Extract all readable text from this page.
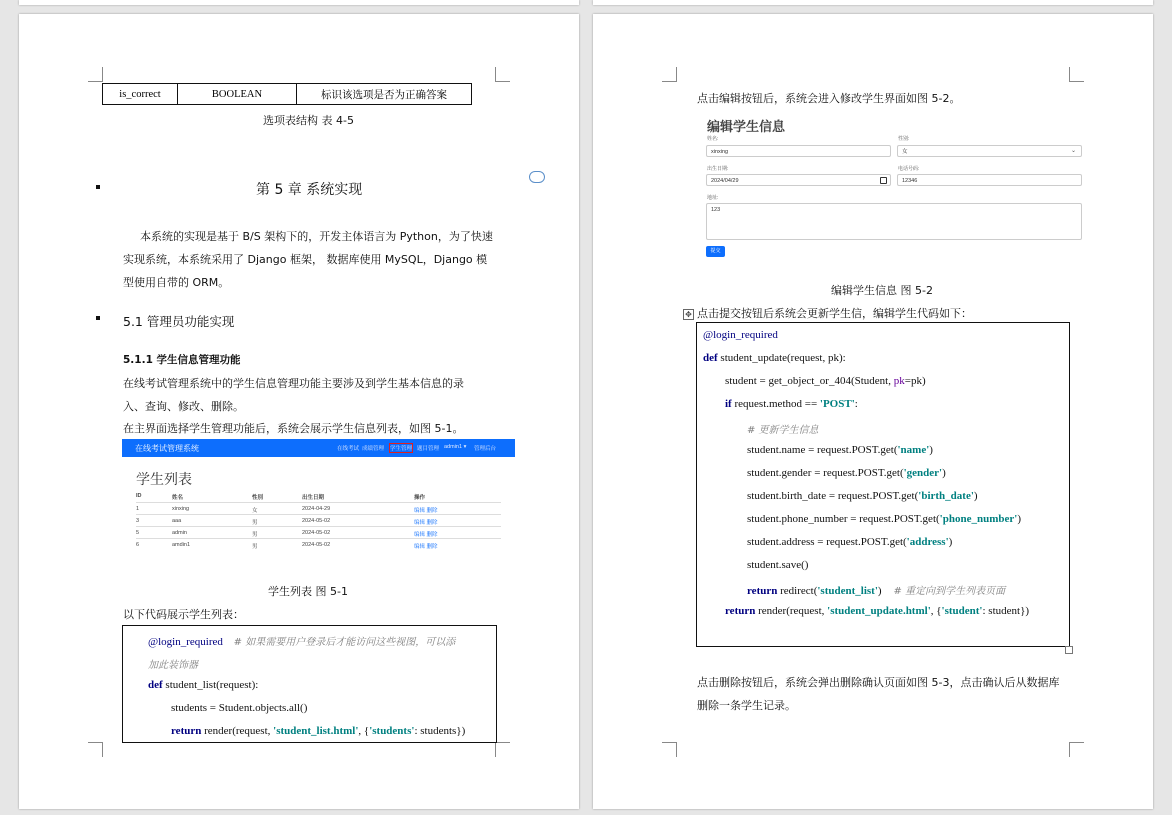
is_correct	BOOLEAN	标识该选项是否为正确答案
选项表结构 表 4-5
第 5 章 系统实现
本系统的实现是基于 B/S 架构下的，开发主体语言为 Python，为了快速
实现系统，本系统采用了 Django 框架， 数据库使用 MySQL，Django 模
型使用自带的 ORM。
5.1 管理员功能实现
5.1.1 学生信息管理功能
在线考试管理系统中的学生信息管理功能主要涉及到学生基本信息的录
入、查询、修改、删除。
在主界面选择学生管理功能后，系统会展示学生信息列表，如图 5-1。
在线考试管理系统	在线考试 成绩管理 学生管理 题目管理 admin1 ▾ 管理后台
学生列表
ID	姓名	性别	出生日期	操作
1	xinxing	女	2024-04-29	编辑 删除
3	aaa	男	2024-05-02	编辑 删除
5	admin	男	2024-05-02	编辑 删除
6	amdin1	男	2024-05-02	编辑 删除
学生列表 图 5-1
以下代码展示学生列表：
@login_required # 如果需要用户登录后才能访问这些视图，可以添
加此装饰器
def student_list(request):
students = Student.objects.all()
return render(request, 'student_list.html', {'students': students})
点击编辑按钮后，系统会进入修改学生界面如图 5-2。
编辑学生信息
姓名:
xinxing
性别:
女	⌄
出生日期:
2024/04/29
电话号码:
12346
地址:
123
提交
编辑学生信息 图 5-2
✥ 点击提交按钮后系统会更新学生信，编辑学生代码如下：
@login_required
def student_update(request, pk):
student = get_object_or_404(Student, pk=pk)
if request.method == 'POST':
# 更新学生信息
student.name = request.POST.get('name')
student.gender = request.POST.get('gender')
student.birth_date = request.POST.get('birth_date')
student.phone_number = request.POST.get('phone_number')
student.address = request.POST.get('address')
student.save()
return redirect('student_list') # 重定向到学生列表页面
return render(request, 'student_update.html', {'student': student})
点击删除按钮后，系统会弹出删除确认页面如图 5-3，点击确认后从数据库
删除一条学生记录。
